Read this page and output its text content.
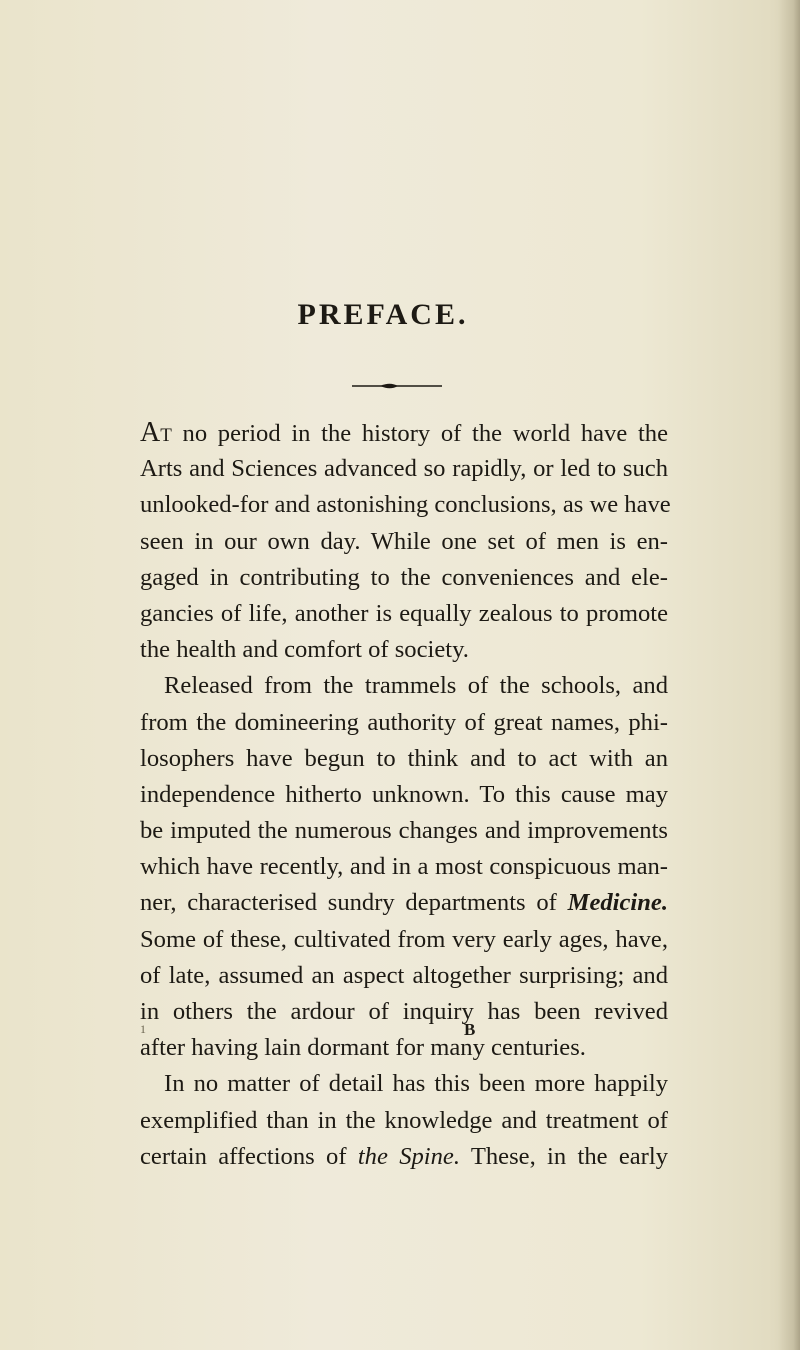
PREFACE.
AT no period in the history of the world have the
Arts and Sciences advanced so rapidly, or led to such
unlooked-for and astonishing conclusions, as we have
seen in our own day. While one set of men is en-
gaged in contributing to the conveniences and ele-
gancies of life, another is equally zealous to promote
the health and comfort of society.
Released from the trammels of the schools, and
from the domineering authority of great names, phi-
losophers have begun to think and to act with an
independence hitherto unknown. To this cause may
be imputed the numerous changes and improvements
which have recently, and in a most conspicuous man-
ner, characterised sundry departments of Medicine.
Some of these, cultivated from very early ages, have,
of late, assumed an aspect altogether surprising; and
in others the ardour of inquiry has been revived
after having lain dormant for many centuries.
In no matter of detail has this been more happily
exemplified than in the knowledge and treatment of
certain affections of the Spine. These, in the early
B
1
